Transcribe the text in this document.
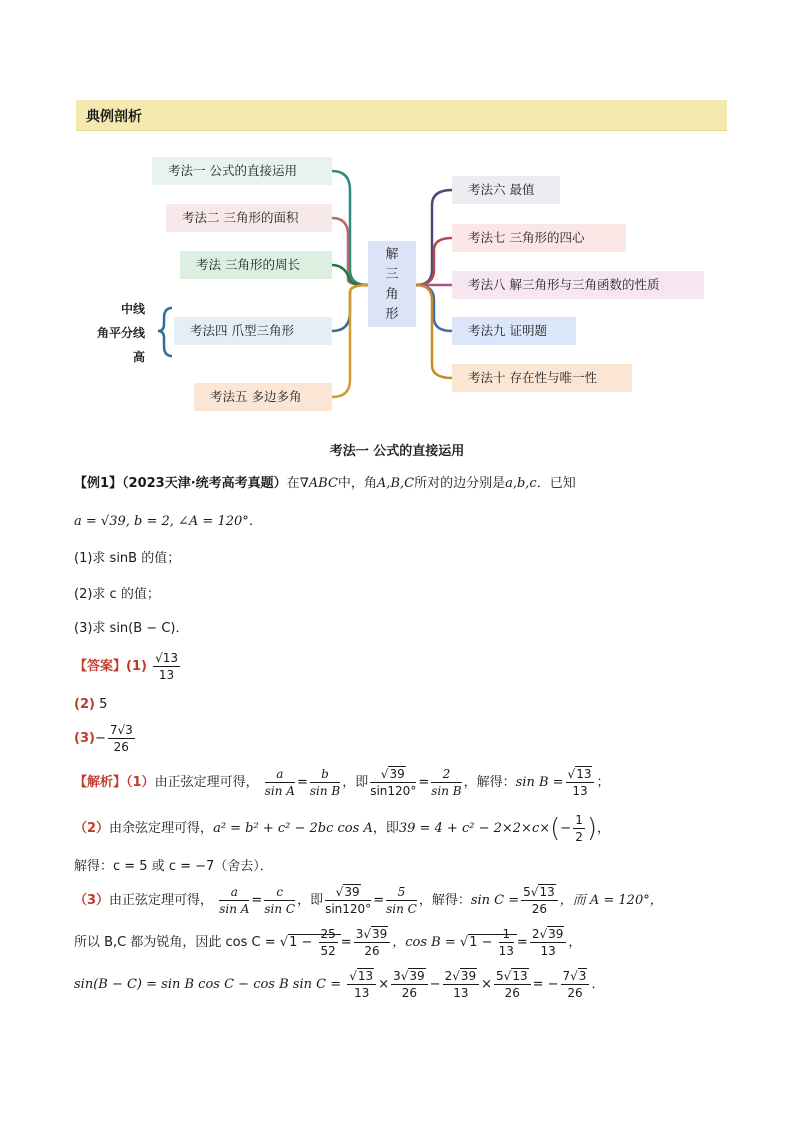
典例剖析
考法一 公式的直接运用
考法二 三角形的面积
考法 三角形的周长
考法四 爪型三角形
考法五 多边多角
中线
角平分线
高
解
三
角
形
考法六 最值
考法七 三角形的四心
考法八 解三角形与三角函数的性质
考法九 证明题
考法十 存在性与唯一性
考法一 公式的直接运用
【例1】（2023天津·统考高考真题）在∇ABC中，角A,B,C所对的边分别是a,b,c．已知
a = √39, b = 2, ∠A = 120°．
(1)求 sinB 的值；
(2)求 c 的值；
(3)求 sin(B − C)．
【答案】$(1) \frac{√13}{13}$
(2) 5
$(3)- \frac{7√3}{26}$
【解析】（1）由正弦定理可得， $\frac{a}{\text{sin A}} = \frac{b}{\text{sin B}}$ ，即 $\frac{√39}{\sin 120^\circ} = \frac{2}{\text{sin B}}$ ，解得：$\sin B = \frac{√13}{13}$ ；
（2）由余弦定理可得，a² = b² + c² − 2bc cos A，即$39 = 4 + c^2 - 2\times 2\times c\times(- \frac{1}{2}$ )，
解得：c = 5 或 c = −7（舍去）．
（3）由正弦定理可得， $\frac{a}{\text{sin A}} = \frac{c}{\text{sin C}}$ ，即 $\frac{√39}{\sin 120^\circ} = \frac{5}{\text{sin C}}$ ，解得：$\sin C = \frac{5√13}{26}$ ，而 A = 120°，
所以 B,C 都为锐角，因此 $\cos C = √1 - \frac{25}{52} = \frac{3√39}{26}$ ，$\cos B = √1 - \frac{1}{13} = \frac{2√39}{13}$ ，
sin(B − C) = sin B cos C − cos B $\sin C = \frac{√13}{13} \times \frac{3√39}{26} - \frac{2√39}{13} \times \frac{5√13}{26}$ = − $\frac{7√3}{26}$ ．
